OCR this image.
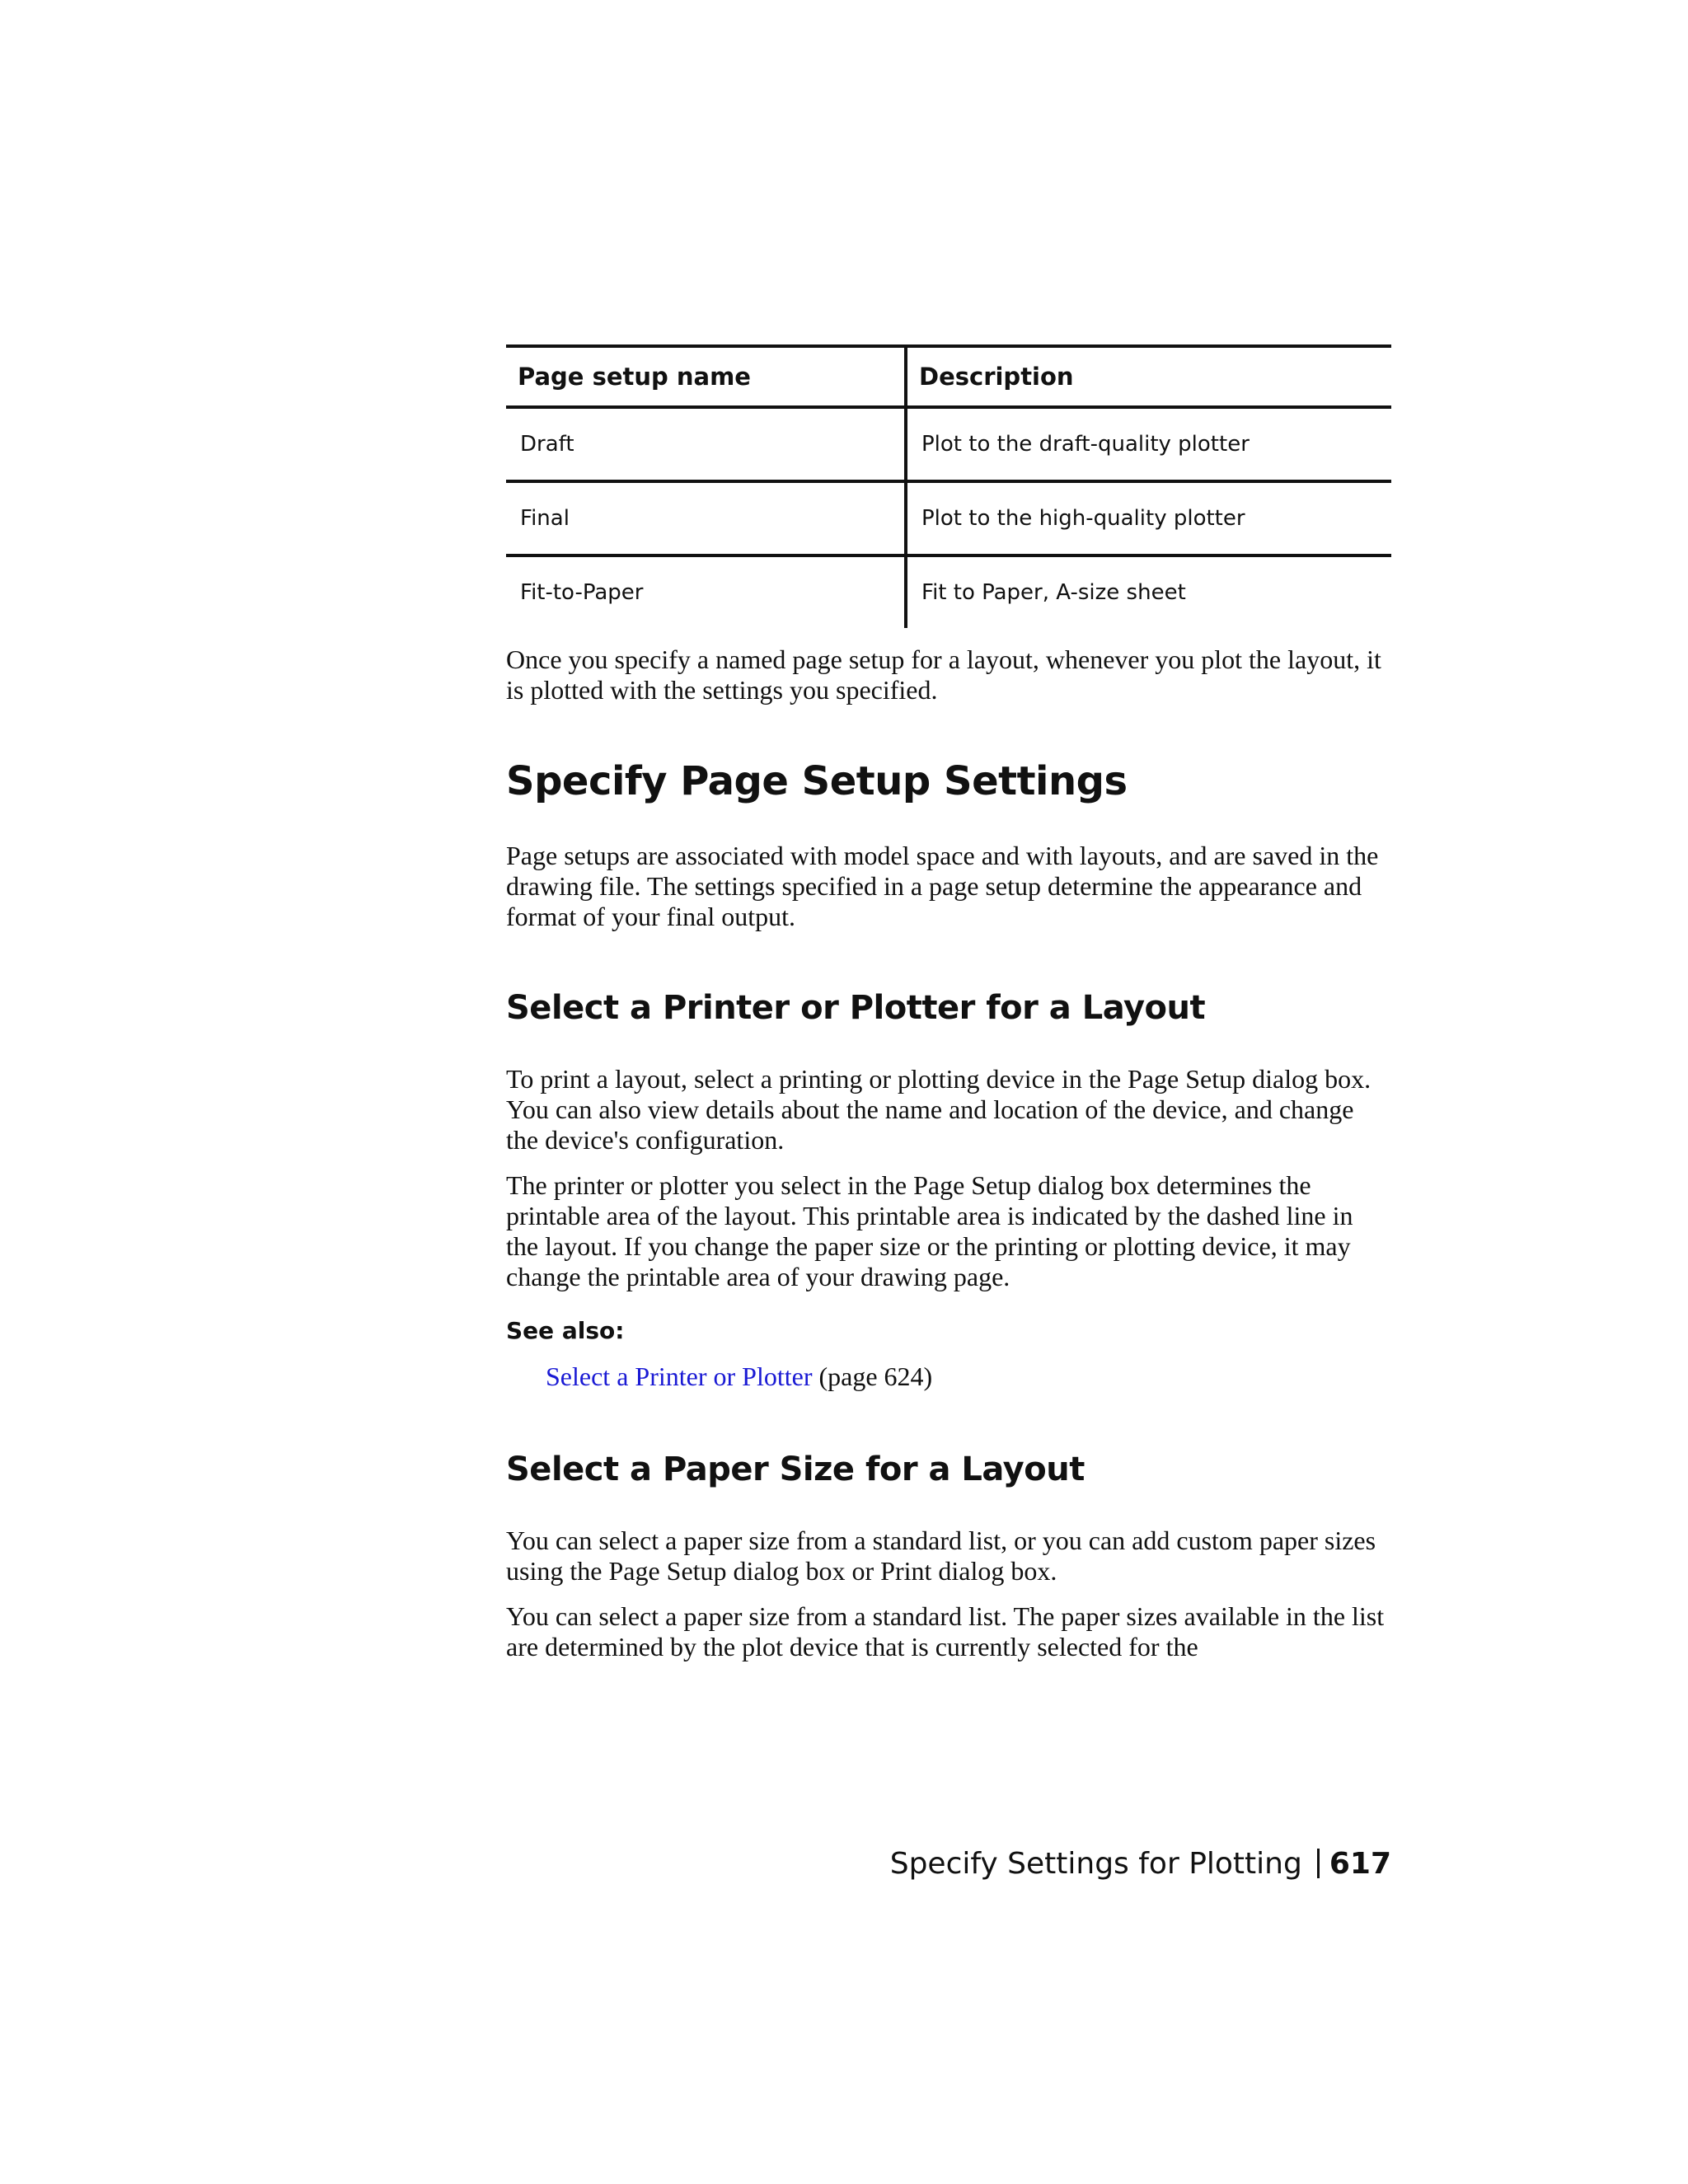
Page setup name	Description
Draft	Plot to the draft-quality plotter
Final	Plot to the high-quality plotter
Fit-to-Paper	Fit to Paper, A-size sheet

Once you specify a named page setup for a layout, whenever you plot the layout, it is plotted with the settings you specified.

Specify Page Setup Settings

Page setups are associated with model space and with layouts, and are saved in the drawing file. The settings specified in a page setup determine the appearance and format of your final output.

Select a Printer or Plotter for a Layout

To print a layout, select a printing or plotting device in the Page Setup dialog box. You can also view details about the name and location of the device, and change the device's configuration.

The printer or plotter you select in the Page Setup dialog box determines the printable area of the layout. This printable area is indicated by the dashed line in the layout. If you change the paper size or the printing or plotting device, it may change the printable area of your drawing page.

See also:

Select a Printer or Plotter (page 624)

Select a Paper Size for a Layout

You can select a paper size from a standard list, or you can add custom paper sizes using the Page Setup dialog box or Print dialog box.

You can select a paper size from a standard list. The paper sizes available in the list are determined by the plot device that is currently selected for the

Specify Settings for Plotting 617
